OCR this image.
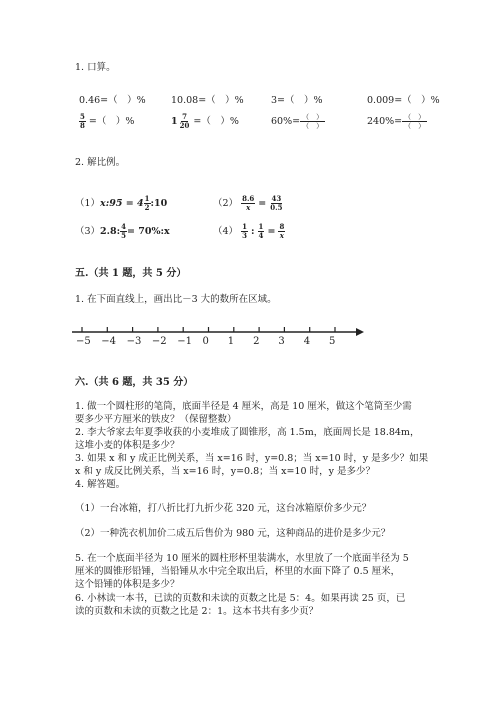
1. 口算。
0.46=（　）%	10.08=（　）%	3=（　）%	0.009=（　）%
$\frac{5}{8}$ =（　）%	$1 \frac{7}{20}$ =（　）%	$60\%= \frac{( )}{( )}$	$240\%= \frac{( )}{( )}$
2. 解比例。
（1）x:95 = $4 \frac{1}{2}$ :10	$(2) \frac{8.6}{x} = \frac{43}{0.5}$
（3）2.8: $\frac{4}{5}$ = 70%:x	$(4) \frac{1}{3}$ : $\frac{1}{4} = \frac{8}{x}$
五.（共 1 题，共 5 分）
1. 在下面直线上，画出比－3 大的数所在区域。
−5 −4 −3 −2 −1 0 1 2 3 4 5
六.（共 6 题，共 35 分）
1. 做一个圆柱形的笔筒，底面半径是 4 厘米，高是 10 厘米，做这个笔筒至少需
要多少平方厘米的铁皮？（保留整数）
2. 李大爷家去年夏季收获的小麦堆成了圆锥形，高 1.5m，底面周长是 18.84m，
这堆小麦的体积是多少？
3. 如果 x 和 y 成正比例关系，当 x=16 时，y=0.8；当 x=10 时，y 是多少？如果
x 和 y 成反比例关系，当 x=16 时，y=0.8；当 x=10 时，y 是多少？
4. 解答题。
（1）一台冰箱，打八折比打九折少花 320 元，这台冰箱原价多少元？
（2）一种洗衣机加价二成五后售价为 980 元，这种商品的进价是多少元？
5. 在一个底面半径为 10 厘米的圆柱形杯里装满水，水里放了一个底面半径为 5
厘米的圆锥形铅锤，当铅锤从水中完全取出后，杯里的水面下降了 0.5 厘米，
这个铅锤的体积是多少？
6. 小林读一本书，已读的页数和未读的页数之比是 5：4。如果再读 25 页，已
读的页数和未读的页数之比是 2：1。这本书共有多少页？
